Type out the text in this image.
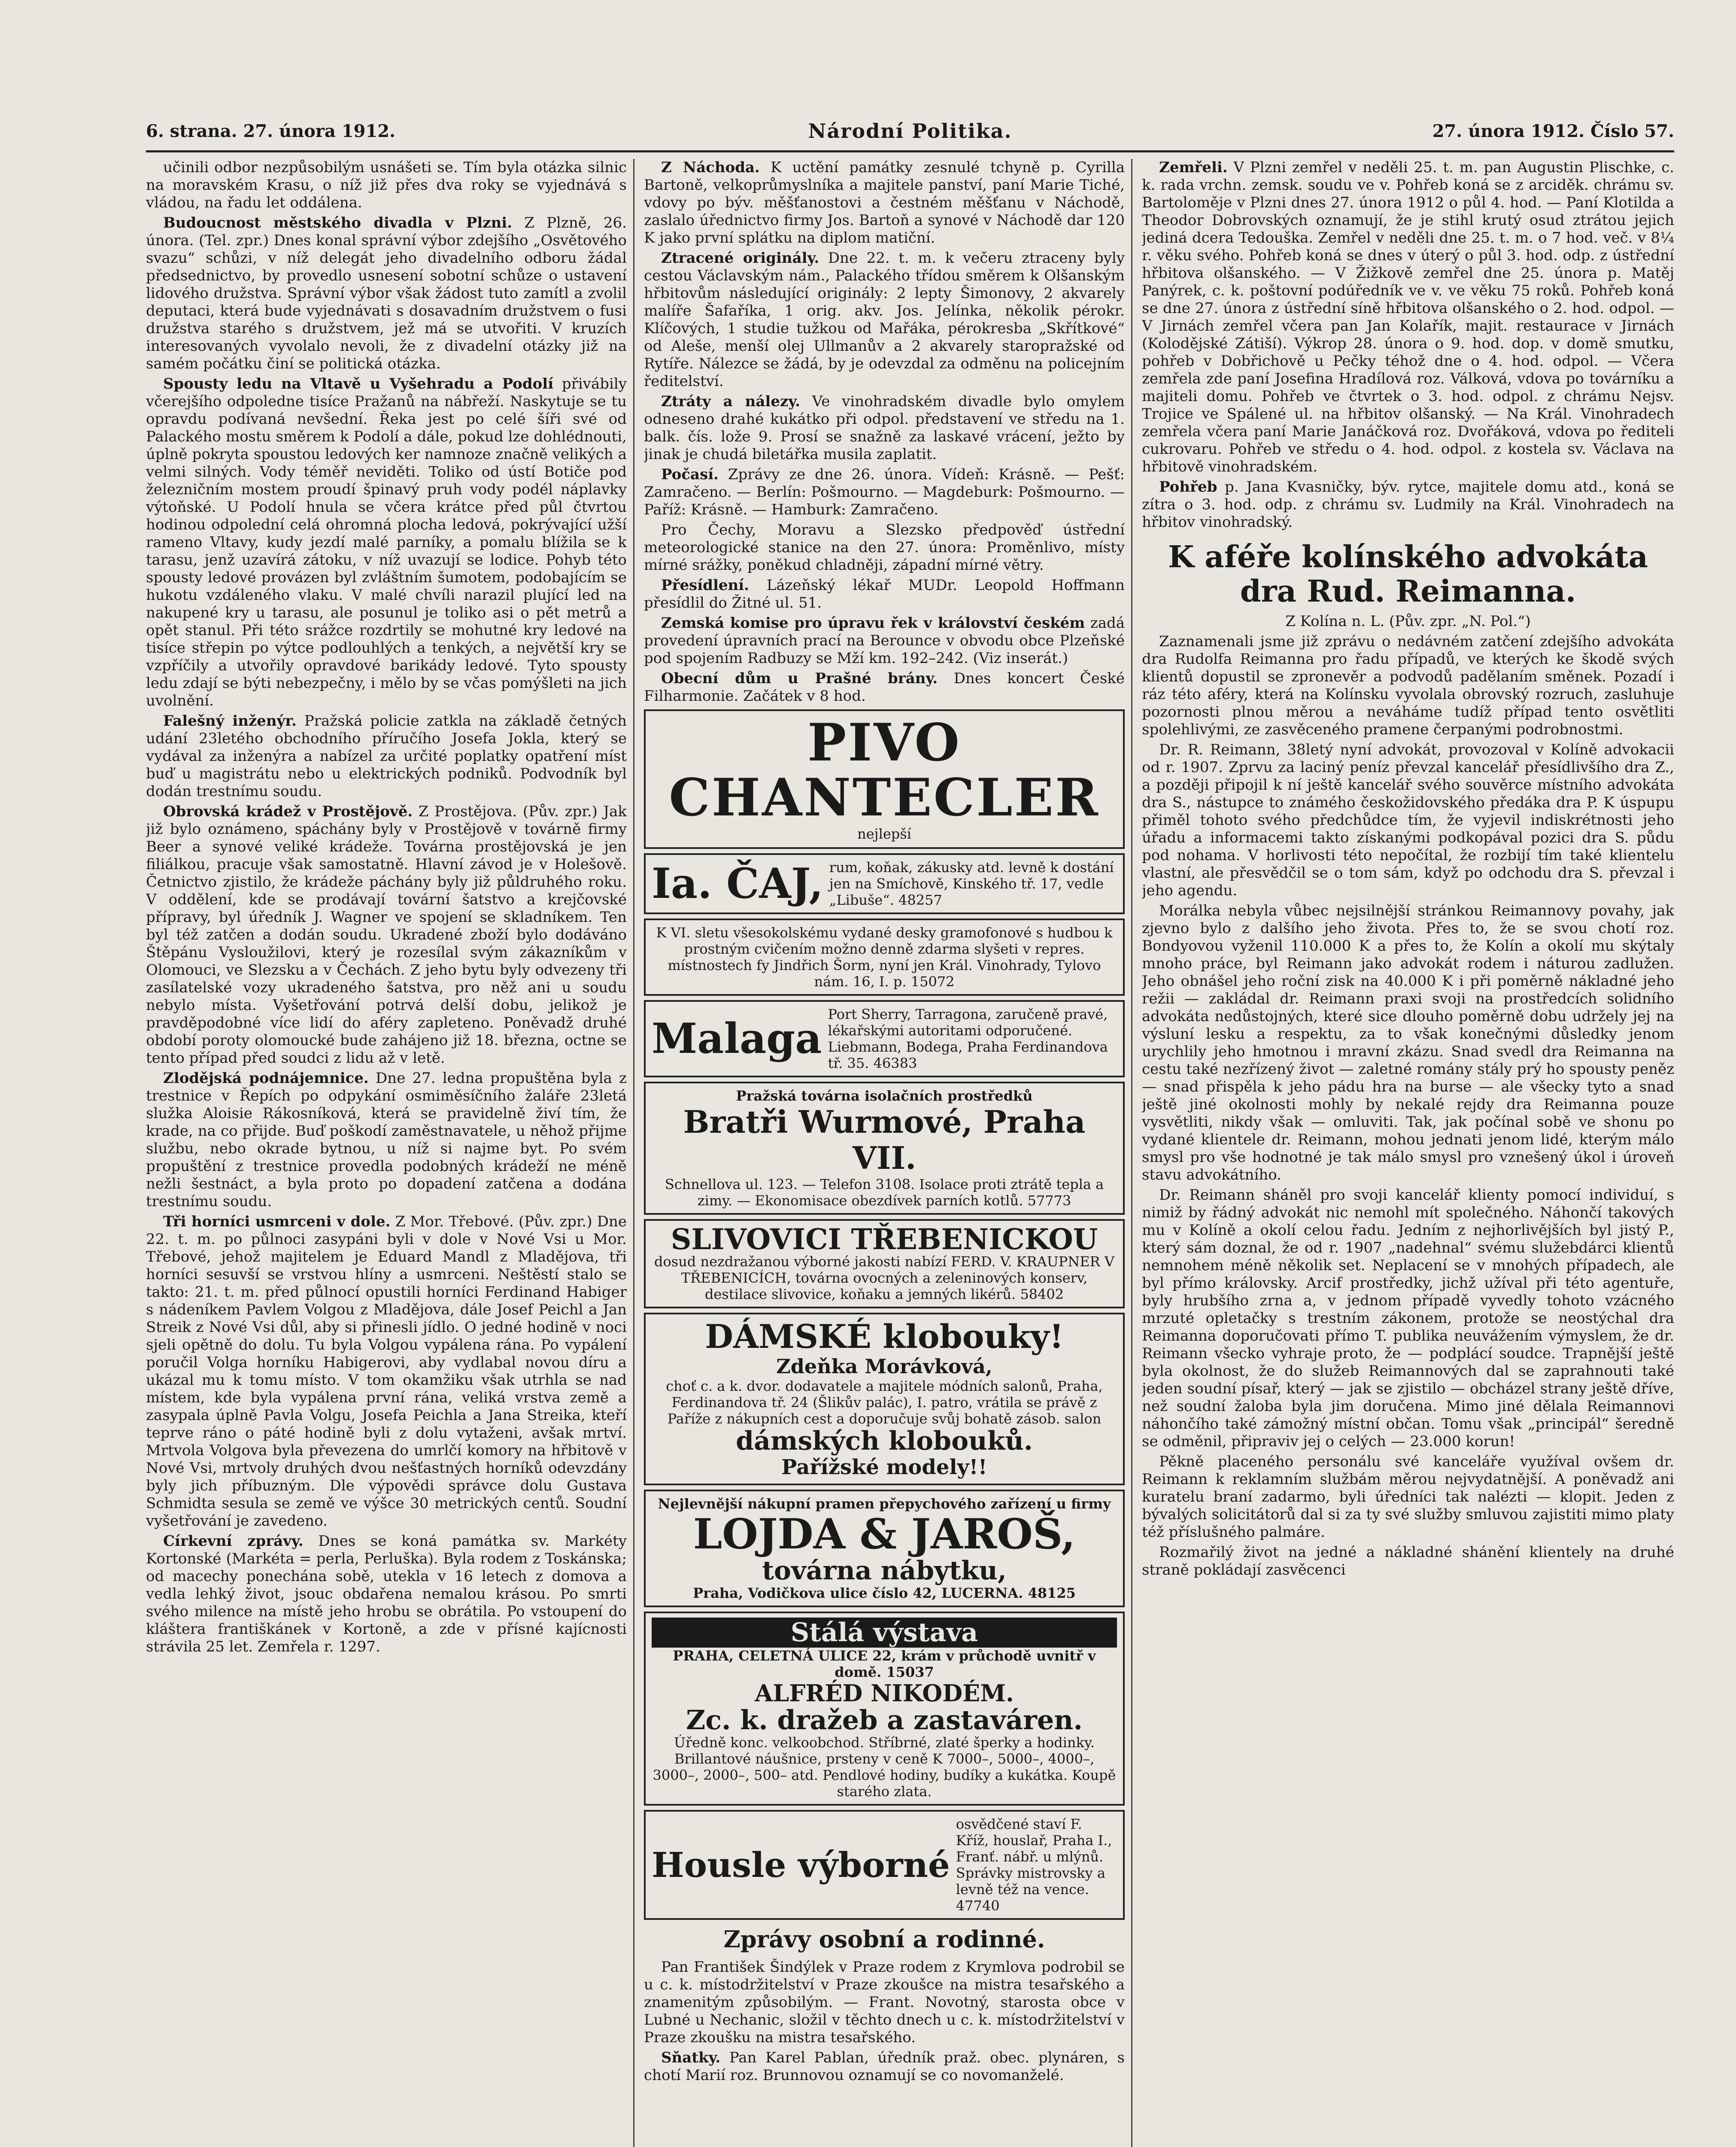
6. strana. 27. února 1912.	Národní Politika.	27. února 1912. Číslo 57.

učinili odbor nezpůsobilým usnášeti se. Tím byla otázka silnic na moravském Krasu, o níž již přes dva roky se vyjednává s vládou, na řadu let oddálena.

Budoucnost městského divadla v Plzni. Z Plzně, 26. února. (Tel. zpr.) Dnes konal správní výbor zdejšího „Osvětového svazu“ schůzi, v níž delegát jeho divadelního odboru žádal předsednictvo, by provedlo usnesení sobotní schůze o ustavení lidového družstva. Správní výbor však žádost tuto zamítl a zvolil deputaci, která bude vyjednávati s dosavadním družstvem o fusi družstva starého s družstvem, jež má se utvořiti. V kruzích interesovaných vyvolalo nevoli, že z divadelní otázky již na samém počátku činí se politická otázka.

Spousty ledu na Vltavě u Vyšehradu a Podolí přivábily včerejšího odpoledne tisíce Pražanů na nábřeží. Naskytuje se tu opravdu podívaná nevšední. Řeka jest po celé šíři své od Palackého mostu směrem k Podolí a dále, pokud lze dohlédnouti, úplně pokryta spoustou ledových ker namnoze značně velikých a velmi silných. Vody téměř neviděti. Toliko od ústí Botiče pod železničním mostem proudí špinavý pruh vody podél náplavky výtoňské. U Podolí hnula se včera krátce před půl čtvrtou hodinou odpolední celá ohromná plocha ledová, pokrývající užší rameno Vltavy, kudy jezdí malé parníky, a pomalu blížila se k tarasu, jenž uzavírá zátoku, v níž uvazují se lodice. Pohyb této spousty ledové provázen byl zvláštním šumotem, podobajícím se hukotu vzdáleného vlaku. V malé chvíli narazil plující led na nakupené kry u tarasu, ale posunul je toliko asi o pět metrů a opět stanul. Při této srážce rozdrtily se mohutné kry ledové na tisíce střepin po výtce podlouhlých a tenkých, a největší kry se vzpříčily a utvořily opravdové barikády ledové. Tyto spousty ledu zdají se býti nebezpečny, i mělo by se včas pomýšleti na jich uvolnění.

Falešný inženýr. Pražská policie zatkla na základě četných udání 23letého obchodního příručího Josefa Jokla, který se vydával za inženýra a nabízel za určité poplatky opatření míst buď u magistrátu nebo u elektrických podniků. Podvodník byl dodán trestnímu soudu.

Obrovská krádež v Prostějově. Z Prostějova. (Pův. zpr.) Jak již bylo oznámeno, spáchány byly v Prostějově v továrně firmy Beer a synové veliké krádeže. Továrna prostějovská je jen filiálkou, pracuje však samostatně. Hlavní závod je v Holešově. Četnictvo zjistilo, že krádeže páchány byly již půldruhého roku. V oddělení, kde se prodávají tovární šatstvo a krejčovské přípravy, byl úředník J. Wagner ve spojení se skladníkem. Ten byl též zatčen a dodán soudu. Ukradené zboží bylo dodáváno Štěpánu Vysloužilovi, který je rozesílal svým zákazníkům v Olomouci, ve Slezsku a v Čechách. Z jeho bytu byly odvezeny tři zasílatelské vozy ukradeného šatstva, pro něž ani u soudu nebylo místa. Vyšetřování potrvá delší dobu, jelikož je pravděpodobné více lidí do aféry zapleteno. Poněvadž druhé období poroty olomoucké bude zahájeno již 18. března, octne se tento případ před soudci z lidu až v letě.

Zlodějská podnájemnice. Dne 27. ledna propuštěna byla z trestnice v Řepích po odpykání osmiměsíčního žaláře 23letá služka Aloisie Rákosníková, která se pravidelně živí tím, že krade, na co přijde. Buď poškodí zaměstnavatele, u něhož přijme službu, nebo okrade bytnou, u níž si najme byt. Po svém propuštění z trestnice provedla podobných krádeží ne méně nežli šestnáct, a byla proto po dopadení zatčena a dodána trestnímu soudu.

Tři horníci usmrceni v dole. Z Mor. Třebové. (Pův. zpr.) Dne 22. t. m. po půlnoci zasypáni byli v dole v Nové Vsi u Mor. Třebové, jehož majitelem je Eduard Mandl z Mladějova, tři horníci sesuvší se vrstvou hlíny a usmrceni. Neštěstí stalo se takto: 21. t. m. před půlnocí opustili horníci Ferdinand Habiger s nádeníkem Pavlem Volgou z Mladějova, dále Josef Peichl a Jan Streik z Nové Vsi důl, aby si přinesli jídlo. O jedné hodině v noci sjeli opětně do dolu. Tu byla Volgou vypálena rána. Po vypálení poručil Volga horníku Habigerovi, aby vydlabal novou díru a ukázal mu k tomu místo. V tom okamžiku však utrhla se nad místem, kde byla vypálena první rána, veliká vrstva země a zasypala úplně Pavla Volgu, Josefa Peichla a Jana Streika, kteří teprve ráno o páté hodině byli z dolu vytaženi, avšak mrtví. Mrtvola Volgova byla převezena do umrlčí komory na hřbitově v Nové Vsi, mrtvoly druhých dvou nešťastných horníků odevzdány byly jich příbuzným. Dle výpovědi správce dolu Gustava Schmidta sesula se země ve výšce 30 metrických centů. Soudní vyšetřování je zavedeno.

Církevní zprávy. Dnes se koná památka sv. Markéty Kortonské (Markéta = perla, Perluška). Byla rodem z Toskánska; od macechy ponechána sobě, utekla v 16 letech z domova a vedla lehký život, jsouc obdařena nemalou krásou. Po smrti svého milence na místě jeho hrobu se obrátila. Po vstoupení do kláštera františkánek v Kortoně, a zde v přísné kajícnosti strávila 25 let. Zemřela r. 1297.

Z Náchoda. K uctění památky zesnulé tchyně p. Cyrilla Bartoně, velkoprůmyslníka a majitele panství, paní Marie Tiché, vdovy po býv. měšťanostovi a čestném měšťanu v Náchodě, zaslalo úřednictvo firmy Jos. Bartoň a synové v Náchodě dar 120 K jako první splátku na diplom matiční.

Ztracené originály. Dne 22. t. m. k večeru ztraceny byly cestou Václavským nám., Palackého třídou směrem k Olšanským hřbitovům následující originály: 2 lepty Šimonovy, 2 akvarely malíře Šafaříka, 1 orig. akv. Jos. Jelínka, několik pérokr. Klíčových, 1 studie tužkou od Mařáka, pérokresba „Skřítkové“ od Aleše, menší olej Ullmanův a 2 akvarely staropražské od Rytíře. Nálezce se žádá, by je odevzdal za odměnu na policejním ředitelství.

Ztráty a nálezy. Ve vinohradském divadle bylo omylem odneseno drahé kukátko při odpol. představení ve středu na 1. balk. čís. lože 9. Prosí se snažně za laskavé vrácení, ježto by jinak je chudá biletářka musila zaplatit.

Počasí. Zprávy ze dne 26. února. Vídeň: Krásně. — Pešť: Zamračeno. — Berlín: Pošmourno. — Magdeburk: Pošmourno. — Paříž: Krásně. — Hamburk: Zamračeno.

Pro Čechy, Moravu a Slezsko předpověď ústřední meteorologické stanice na den 27. února: Proměnlivo, místy mírné srážky, poněkud chladněji, západní mírné větry.

Přesídlení. Lázeňský lékař MUDr. Leopold Hoffmann přesídlil do Žitné ul. 51.

Zemská komise pro úpravu řek v království českém zadá provedení úpravních prací na Berounce v obvodu obce Plzeňské pod spojením Radbuzy se Mží km. 192–242. (Viz inserát.)

Obecní dům u Prašné brány. Dnes koncert České Filharmonie. Začátek v 8 hod.

PIVO CHANTECLER nejlepší
Ia. ČAJ, rum, koňak, zákusky atd. levně k dostání jen na Smíchově, Kinského tř. 17, vedle „Libuše“. 48257
K VI. sletu všesokolskému vydané desky gramofonové s hudbou k prostným cvičením možno denně zdarma slyšeti v repres. místnostech fy Jindřich Šorm, nyní jen Král. Vinohrady, Tylovo nám. 16, I. p. 15072
Malaga Port Sherry, Tarragona, zaručeně pravé, lékařskými autoritami odporučené. Liebmann, Bodega, Praha Ferdinandova tř. 35. 46383
Pražská továrna isolačních prostředků
Bratři Wurmové, Praha VII.
Schnellova ul. 123. — Telefon 3108. Isolace proti ztrátě tepla a zimy. — Ekonomisace obezdívek parních kotlů. 57773
SLIVOVICI TŘEBENICKOU
dosud nezdražanou výborné jakosti nabízí FERD. V. KRAUPNER V TŘEBENICÍCH, továrna ovocných a zeleninových konserv, destilace slivovice, koňaku a jemných likérů. 58402
DÁMSKÉ klobouky!
Zdeňka Morávková,
choť c. a k. dvor. dodavatele a majitele módních salonů, Praha, Ferdinandova tř. 24 (Šlikův palác), I. patro, vrátila se právě z Paříže z nákupních cest a doporučuje svůj bohatě zásob. salon
dámských klobouků.
Pařížské modely!!
Nejlevnější nákupní pramen přepychového zařízení u firmy
LOJDA & JAROŠ,
továrna nábytku,
Praha, Vodičkova ulice číslo 42, LUCERNA. 48125
Stálá výstava
PRAHA, CELETNÁ ULICE 22, krám v průchodě uvnitř v domě. 15037
ALFRÉD NIKODÉM.
Zc. k. dražeb a zastaváren.
Úředně konc. velkoobchod. Stříbrné, zlaté šperky a hodinky. Brillantové náušnice, prsteny v ceně K 7000–, 5000–, 4000–, 3000–, 2000–, 500– atd. Pendlové hodiny, budíky a kukátka. Koupě starého zlata.
Housle výborné
osvědčené staví F. Kříž, houslař, Praha I., Franť. nábř. u mlýnů. Správky mistrovsky a levně též na vence. 47740
Zprávy osobní a rodinné.

Pan František Šindýlek v Praze rodem z Krymlova podrobil se u c. k. místodržitelství v Praze zkoušce na mistra tesařského a znamenitým způsobilým. — Frant. Novotný, starosta obce v Lubné u Nechanic, složil v těchto dnech u c. k. místodržitelství v Praze zkoušku na mistra tesařského.

Sňatky. Pan Karel Pablan, úředník praž. obec. plynáren, s chotí Marií roz. Brunnovou oznamují se co novomanželé.

Zemřeli. V Plzni zemřel v neděli 25. t. m. pan Augustin Plischke, c. k. rada vrchn. zemsk. soudu ve v. Pohřeb koná se z arciděk. chrámu sv. Bartoloměje v Plzni dnes 27. února 1912 o půl 4. hod. — Paní Klotilda a Theodor Dobrovských oznamují, že je stihl krutý osud ztrátou jejich jediná dcera Tedouška. Zemřel v neděli dne 25. t. m. o 7 hod. več. v 8¼ r. věku svého. Pohřeb koná se dnes v úterý o půl 3. hod. odp. z ústřední hřbitova olšanského. — V Žižkově zemřel dne 25. února p. Matěj Panýrek, c. k. poštovní podúředník ve v. ve věku 75 roků. Pohřeb koná se dne 27. února z ústřední síně hřbitova olšanského o 2. hod. odpol. — V Jirnách zemřel včera pan Jan Kolařík, majit. restaurace v Jirnách (Kolodějské Zátiší). Výkrop 28. února o 9. hod. dop. v domě smutku, pohřeb v Dobřichově u Pečky téhož dne o 4. hod. odpol. — Včera zemřela zde paní Josefina Hradílová roz. Válková, vdova po továrníku a majiteli domu. Pohřeb ve čtvrtek o 3. hod. odpol. z chrámu Nejsv. Trojice ve Spálené ul. na hřbitov olšanský. — Na Král. Vinohradech zemřela včera paní Marie Janáčková roz. Dvořáková, vdova po řediteli cukrovaru. Pohřeb ve středu o 4. hod. odpol. z kostela sv. Václava na hřbitově vinohradském.

Pohřeb p. Jana Kvasničky, býv. rytce, majitele domu atd., koná se zítra o 3. hod. odp. z chrámu sv. Ludmily na Král. Vinohradech na hřbitov vinohradský.

K aféře kolínského advokáta dra Rud. Reimanna.

Z Kolína n. L. (Pův. zpr. „N. Pol.“)

Zaznamenali jsme již zprávu o nedávném zatčení zdejšího advokáta dra Rudolfa Reimanna pro řadu případů, ve kterých ke škodě svých klientů dopustil se zpronevěr a podvodů padělaním směnek. Pozadí i ráz této aféry, která na Kolínsku vyvolala obrovský rozruch, zasluhuje pozornosti plnou měrou a neváháme tudíž případ tento osvětliti spolehlivými, ze zasvěceného pramene čerpanými podrobnostmi.

Dr. R. Reimann, 38letý nyní advokát, provozoval v Kolíně advokacii od r. 1907. Zprvu za laciný peníz převzal kancelář přesídlivšího dra Z., a později připojil k ní ještě kancelář svého souvěrce místního advokáta dra S., nástupce to známého českožidovského předáka dra P. K úspupu přiměl tohoto svého předchůdce tím, že vyjevil indiskrétnosti jeho úřadu a informacemi takto získanými podkopával pozici dra S. půdu pod nohama. V horlivosti této nepočítal, že rozbijí tím také klientelu vlastní, ale přesvědčil se o tom sám, když po odchodu dra S. převzal i jeho agendu.

Morálka nebyla vůbec nejsilnější stránkou Reimannovy povahy, jak zjevno bylo z dalšího jeho života. Přes to, že se svou chotí roz. Bondyovou vyženil 110.000 K a přes to, že Kolín a okolí mu skýtaly mnoho práce, byl Reimann jako advokát rodem i náturou zadlužen. Jeho obnášel jeho roční zisk na 40.000 K i při poměrně nákladné jeho režii — zakládal dr. Reimann praxi svoji na prostředcích solidního advokáta nedůstojných, které sice dlouho poměrně dobu udržely jej na výsluní lesku a respektu, za to však konečnými důsledky jenom urychlily jeho hmotnou i mravní zkázu. Snad svedl dra Reimanna na cestu také nezřízený život — zaletné romány stály prý ho spousty peněz — snad přispěla k jeho pádu hra na burse — ale všecky tyto a snad ještě jiné okolnosti mohly by nekalé rejdy dra Reimanna pouze vysvětliti, nikdy však — omluviti. Tak, jak počínal sobě ve shonu po vydané klientele dr. Reimann, mohou jednati jenom lidé, kterým málo smysl pro vše hodnotné je tak málo smysl pro vznešený úkol i úroveň stavu advokátního.

Dr. Reimann sháněl pro svoji kancelář klienty pomocí individuí, s nimiž by řádný advokát nic nemohl mít společného. Náhončí takových mu v Kolíně a okolí celou řadu. Jedním z nejhorlivějších byl jistý P., který sám doznal, že od r. 1907 „nadehnal“ svému služebdárci klientů nemnohem méně několik set. Neplacení se v mnohých případech, ale byl přímo královsky. Arcif prostředky, jichž užíval při této agentuře, byly hrubšího zrna a, v jednom případě vyvedly tohoto vzácného mrzuté opletačky s trestním zákonem, protože se neostýchal dra Reimanna doporučovati přímo T. publika neuvážením výmyslem, že dr. Reimann všecko vyhraje proto, že — podplácí soudce. Trapnější ještě byla okolnost, že do služeb Reimannových dal se zaprahnouti také jeden soudní písař, který — jak se zjistilo — obcházel strany ještě dříve, než soudní žaloba byla jim doručena. Mimo jiné dělala Reimannovi náhončího také zámožný místní občan. Tomu však „principál“ šeredně se odměnil, připraviv jej o celých — 23.000 korun!

Pěkně placeného personálu své kanceláře využíval ovšem dr. Reimann k reklamním službám měrou nejvydatnější. A poněvadž ani kuratelu braní zadarmo, byli úředníci tak nalézti — klopit. Jeden z bývalých solicitátorů dal si za ty své služby smluvou zajistiti mimo platy též příslušného palmáre.

Rozmařilý život na jedné a nákladné shánění klientely na druhé straně pokládají zasvěcenci
